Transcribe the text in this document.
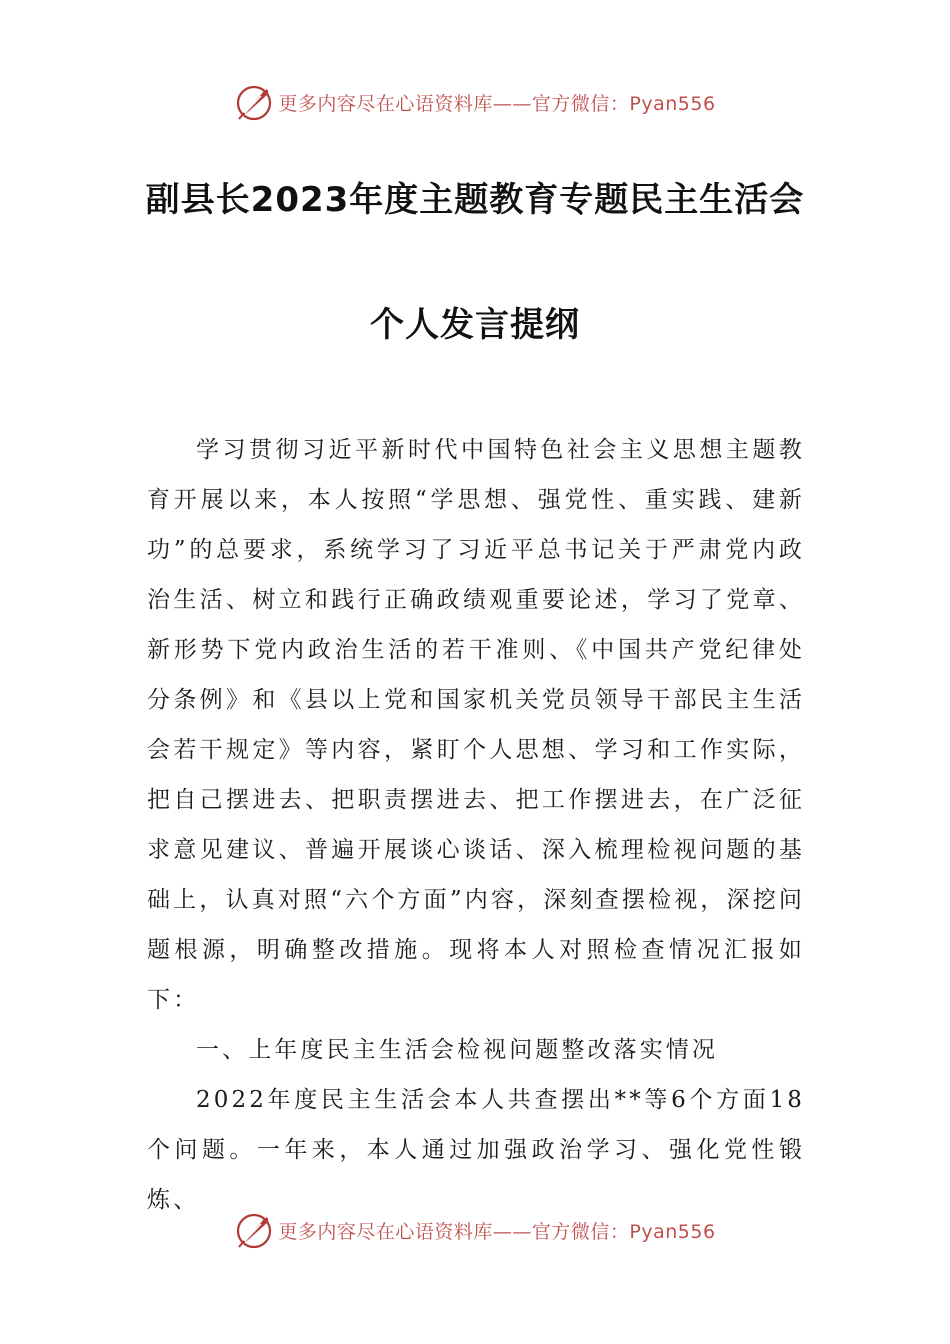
更多内容尽在心语资料库——官方微信：Pyan556
副县长2023年度主题教育专题民主生活会
个人发言提纲

学习贯彻习近平新时代中国特色社会主义思想主题教育开展以来，本人按照“学思想、强党性、重实践、建新功”的总要求，系统学习了习近平总书记关于严肃党内政治生活、树立和践行正确政绩观重要论述，学习了党章、新形势下党内政治生活的若干准则、《中国共产党纪律处分条例》和《县以上党和国家机关党员领导干部民主生活会若干规定》等内容，紧盯个人思想、学习和工作实际，把自己摆进去、把职责摆进去、把工作摆进去，在广泛征求意见建议、普遍开展谈心谈话、深入梳理检视问题的基础上，认真对照“六个方面”内容，深刻查摆检视，深挖问题根源，明确整改措施。现将本人对照检查情况汇报如下：

一、上年度民主生活会检视问题整改落实情况

2022年度民主生活会本人共查摆出**等6个方面18个问题。一年来，本人通过加强政治学习、强化党性锻炼、

更多内容尽在心语资料库——官方微信：Pyan556
